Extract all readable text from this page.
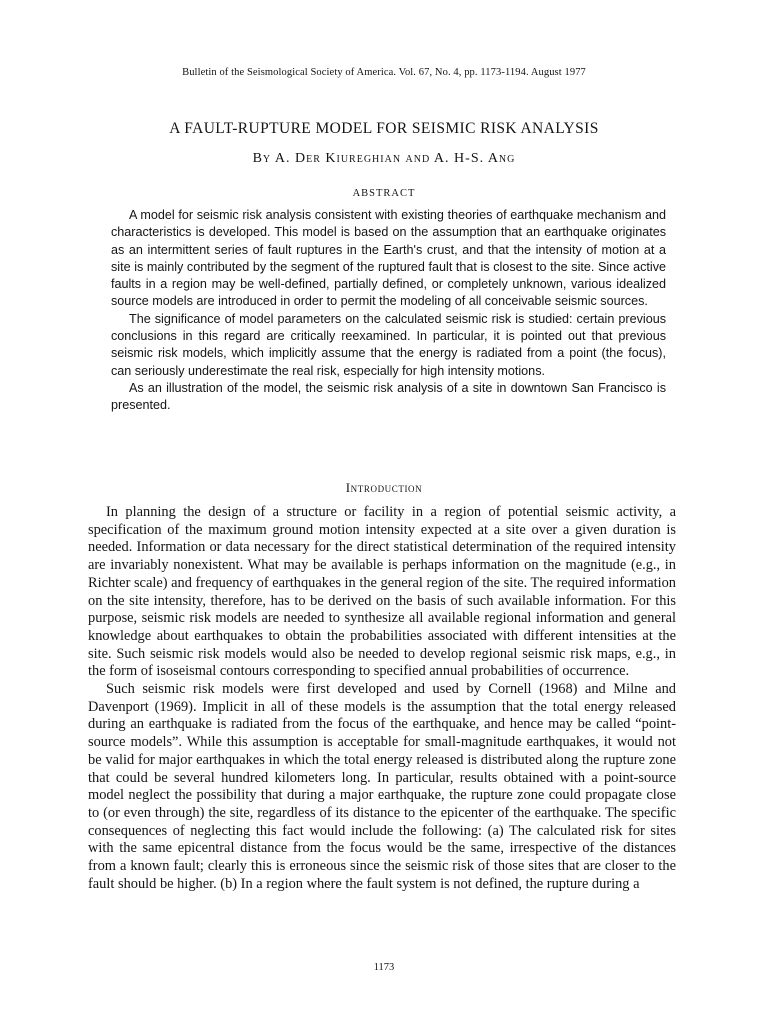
Bulletin of the Seismological Society of America. Vol. 67, No. 4, pp. 1173-1194. August 1977
A FAULT-RUPTURE MODEL FOR SEISMIC RISK ANALYSIS
By A. Der Kiureghian and A. H-S. Ang
ABSTRACT

A model for seismic risk analysis consistent with existing theories of earthquake mechanism and characteristics is developed. This model is based on the assumption that an earthquake originates as an intermittent series of fault ruptures in the Earth's crust, and that the intensity of motion at a site is mainly contributed by the segment of the ruptured fault that is closest to the site. Since active faults in a region may be well-defined, partially defined, or completely unknown, various idealized source models are introduced in order to permit the modeling of all conceivable seismic sources.

The significance of model parameters on the calculated seismic risk is studied: certain previous conclusions in this regard are critically reexamined. In particular, it is pointed out that previous seismic risk models, which implicitly assume that the energy is radiated from a point (the focus), can seriously underestimate the real risk, especially for high intensity motions.

As an illustration of the model, the seismic risk analysis of a site in downtown San Francisco is presented.

Introduction

In planning the design of a structure or facility in a region of potential seismic activity, a specification of the maximum ground motion intensity expected at a site over a given duration is needed. Information or data necessary for the direct statistical determination of the required intensity are invariably nonexistent. What may be available is perhaps information on the magnitude (e.g., in Richter scale) and frequency of earthquakes in the general region of the site. The required information on the site intensity, therefore, has to be derived on the basis of such available information. For this purpose, seismic risk models are needed to synthesize all available regional information and general knowledge about earthquakes to obtain the probabilities associated with different intensities at the site. Such seismic risk models would also be needed to develop regional seismic risk maps, e.g., in the form of isoseismal contours corresponding to specified annual probabilities of occurrence.

Such seismic risk models were first developed and used by Cornell (1968) and Milne and Davenport (1969). Implicit in all of these models is the assumption that the total energy released during an earthquake is radiated from the focus of the earthquake, and hence may be called “point-source models”. While this assumption is acceptable for small-magnitude earthquakes, it would not be valid for major earthquakes in which the total energy released is distributed along the rupture zone that could be several hundred kilometers long. In particular, results obtained with a point-source model neglect the possibility that during a major earthquake, the rupture zone could propagate close to (or even through) the site, regardless of its distance to the epicenter of the earthquake. The specific consequences of neglecting this fact would include the following: (a) The calculated risk for sites with the same epicentral distance from the focus would be the same, irrespective of the distances from a known fault; clearly this is erroneous since the seismic risk of those sites that are closer to the fault should be higher. (b) In a region where the fault system is not defined, the rupture during a

1173
